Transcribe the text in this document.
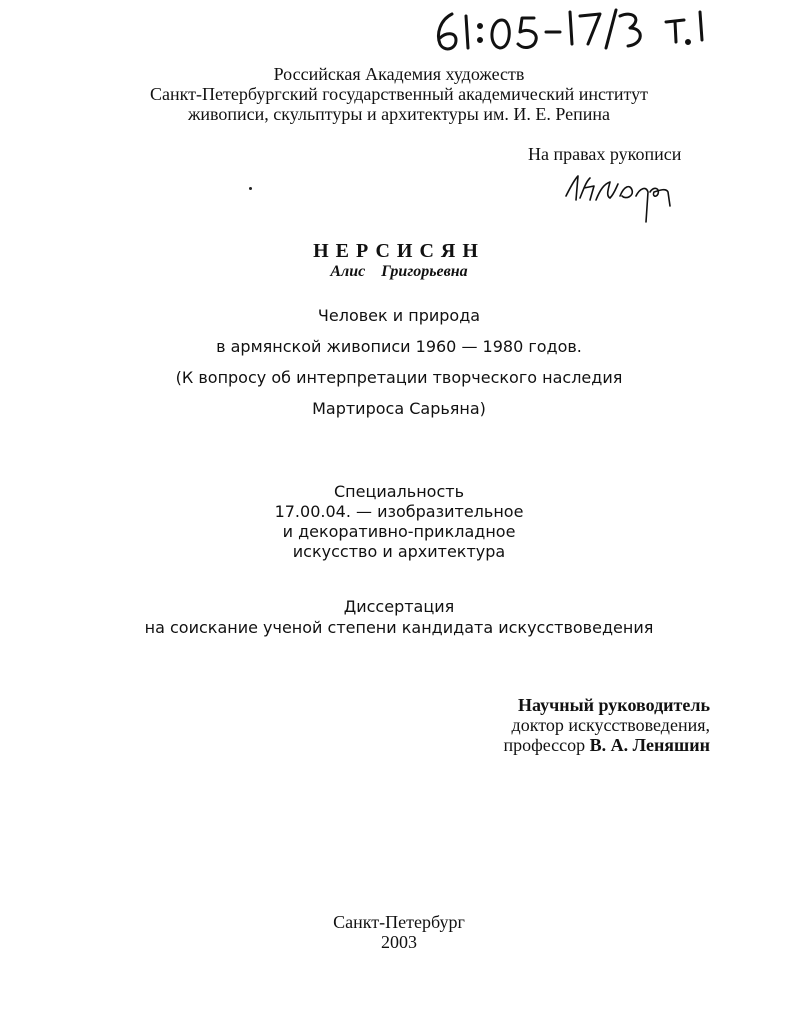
Российская Академия художеств
Санкт-Петербургский государственный академический институт
живописи, скульптуры и архитектуры им. И. Е. Репина
На правах рукописи
НЕРСИСЯН
Алис Григорьевна
Человек и природа
в армянской живописи 1960 — 1980 годов.
(К вопросу об интерпретации творческого наследия
Мартироса Сарьяна)
Специальность
17.00.04. — изобразительное
и декоративно-прикладное
искусство и архитектура
Диссертация
на соискание ученой степени кандидата искусствоведения
Научный руководитель
доктор искусствоведения,
профессор В. А. Леняшин
Санкт-Петербург
2003
